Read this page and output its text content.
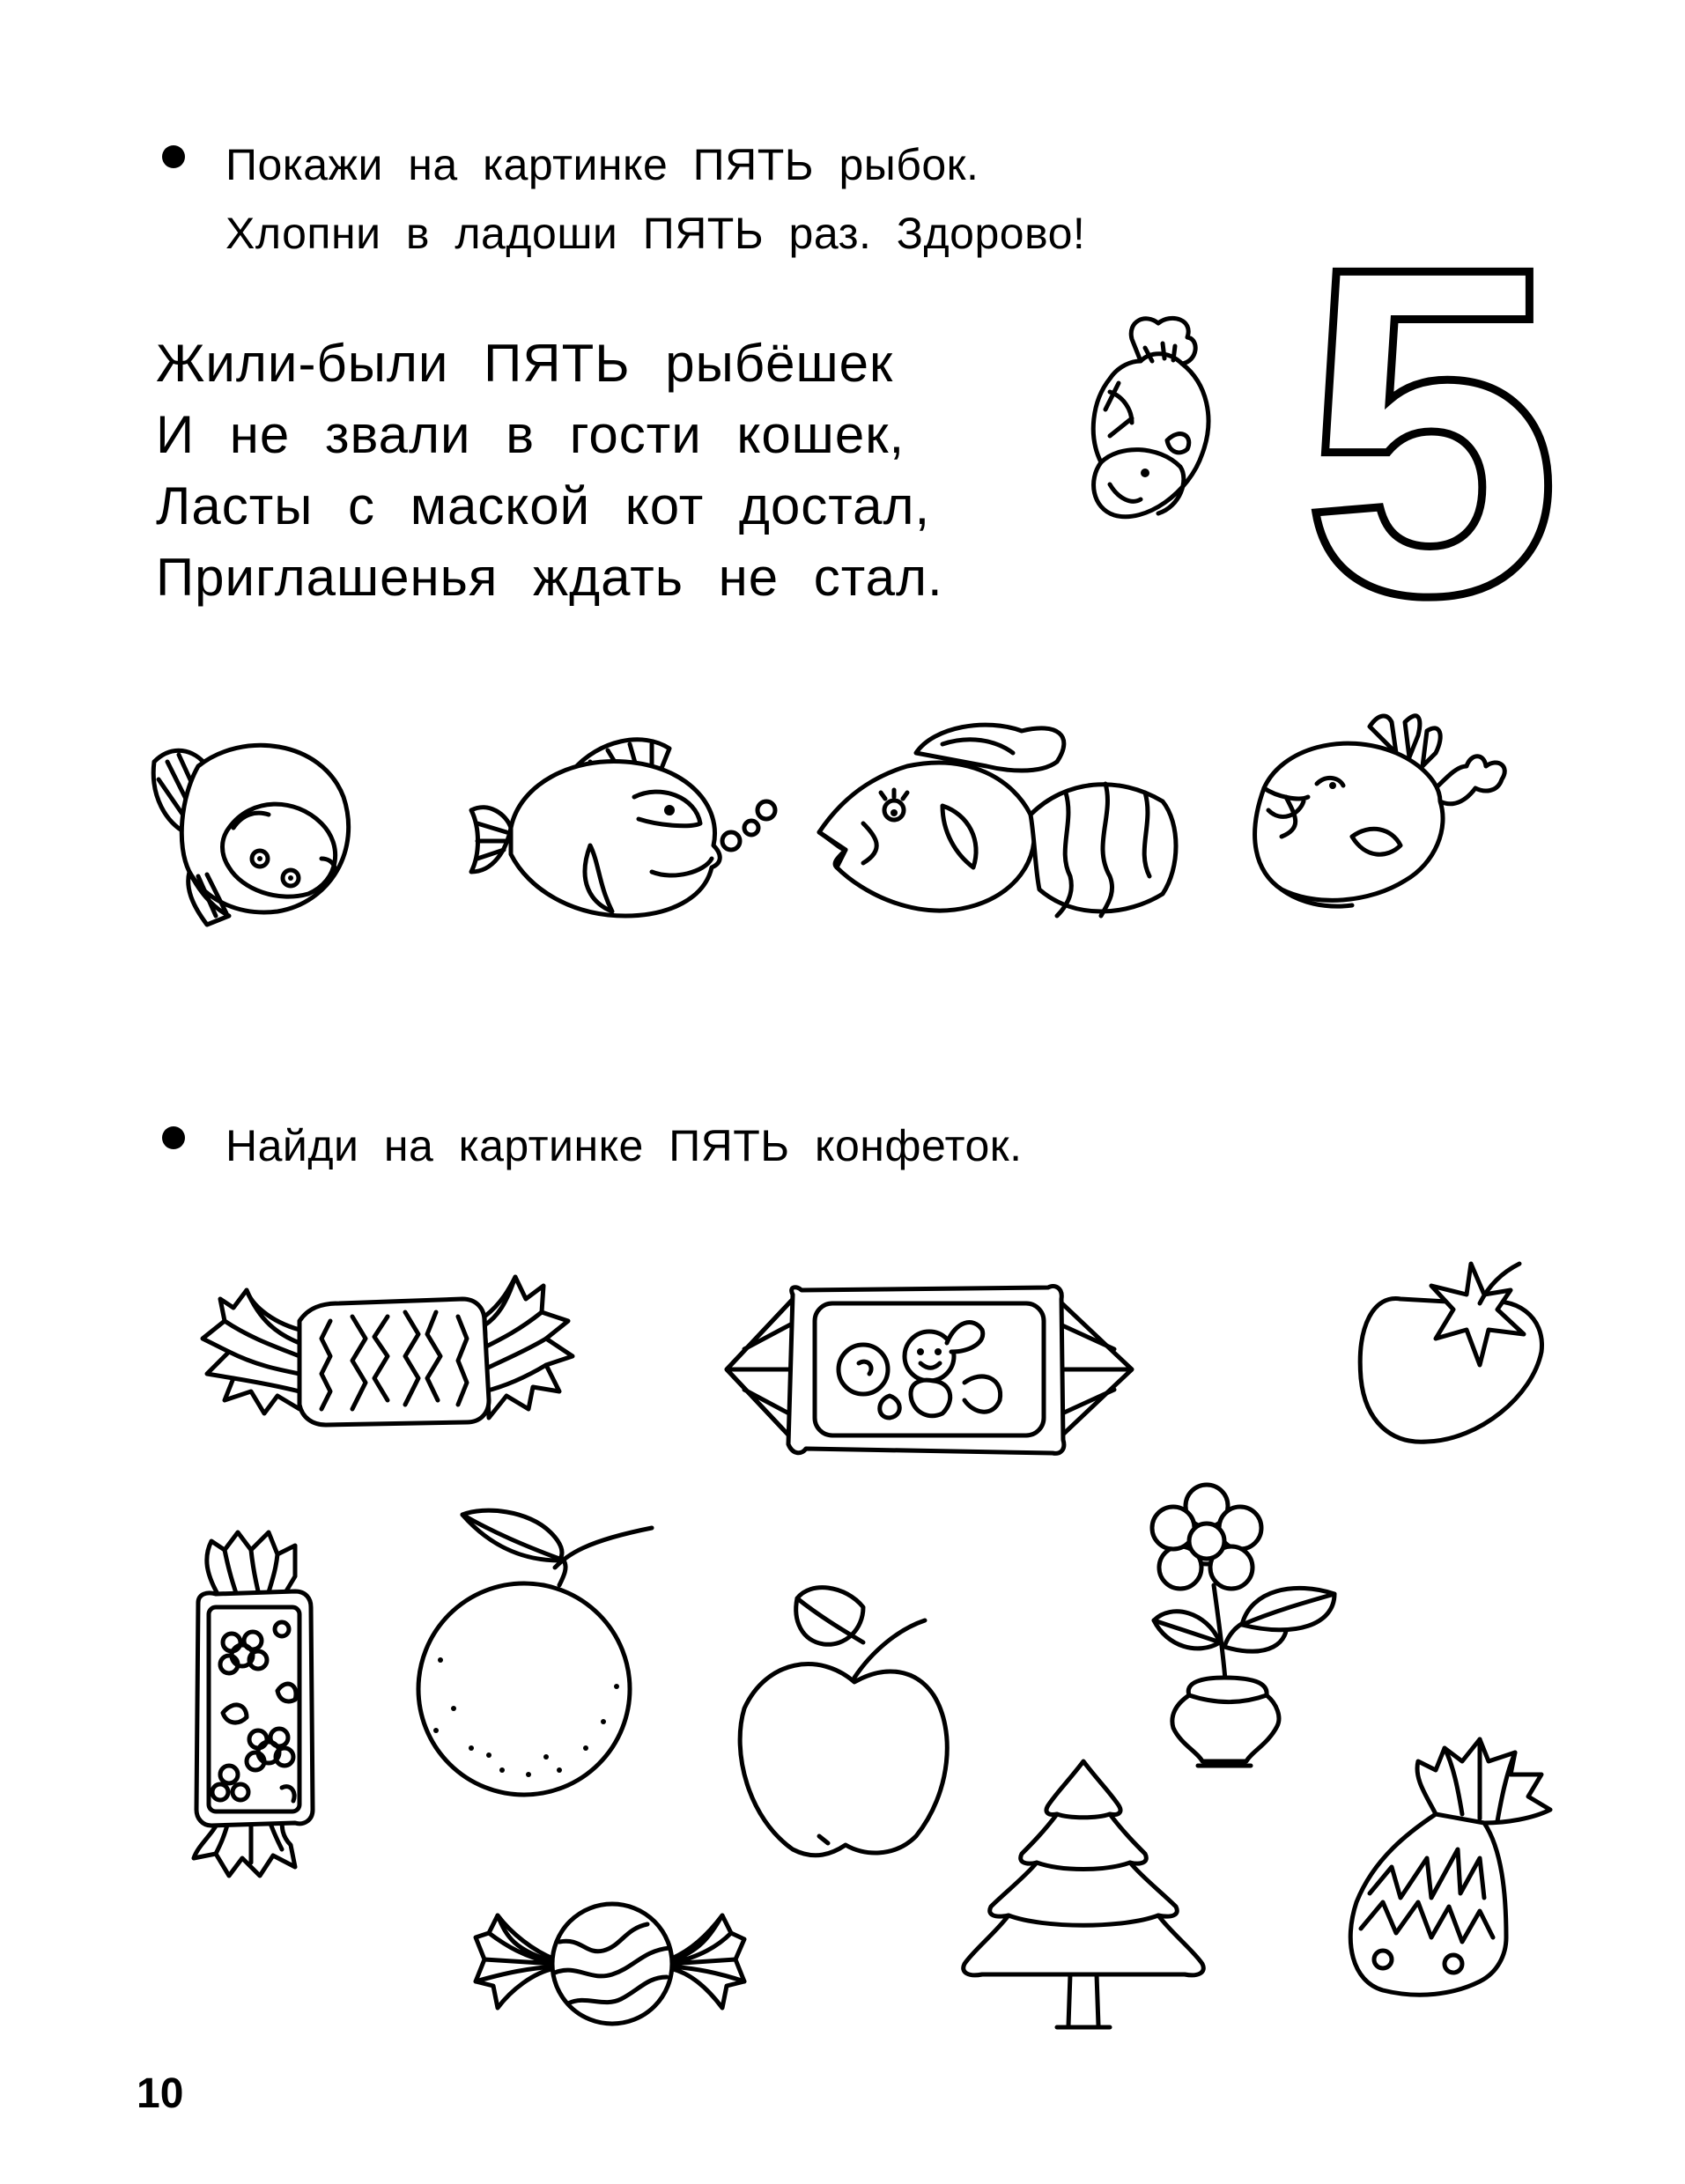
Покажи на картинке ПЯТЬ рыбок.
Хлопни в ладоши ПЯТЬ раз. Здорово!
Жили-были ПЯТЬ рыбёшек
И не звали в гости кошек,
Ласты с маской кот достал,
Приглашенья ждать не стал. 5
Найди на картинке ПЯТЬ конфеток.
10
